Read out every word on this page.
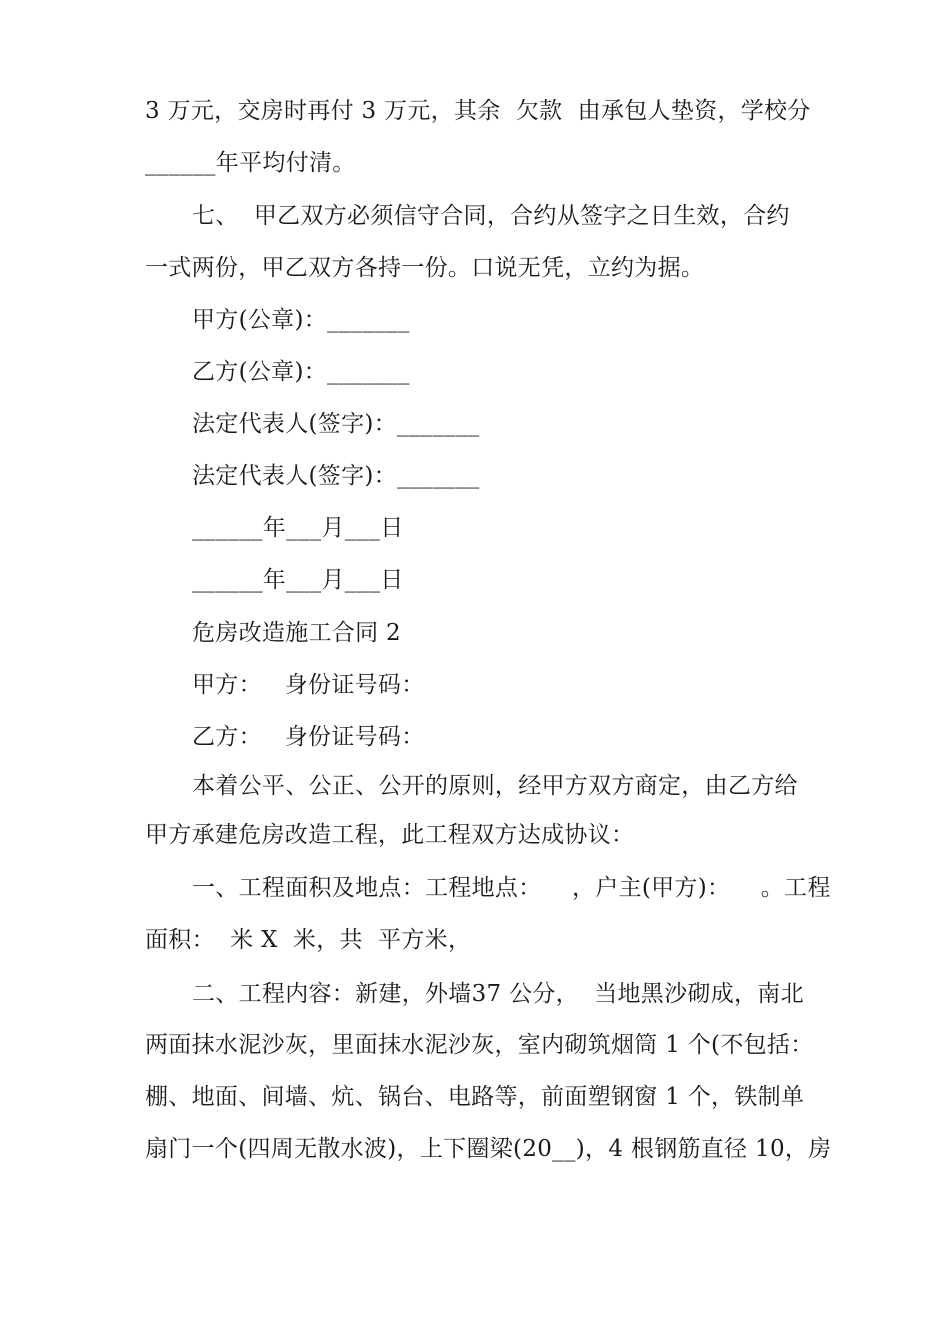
3 万元，交房时再付 3 万元，其余  欠款  由承包人垫资，学校分
______年平均付清。
七、  甲乙双方必须信守合同，合约从签字之日生效，合约
一式两份，甲乙双方各持一份。口说无凭，立约为据。
甲方(公章)：_______
乙方(公章)：_______
法定代表人(签字)：_______
法定代表人(签字)：_______
______年___月___日
______年___月___日
危房改造施工合同 2
甲方：   身份证号码：
乙方：   身份证号码：
本着公平、公正、公开的原则，经甲方双方商定，由乙方给
甲方承建危房改造工程，此工程双方达成协议：
一、工程面积及地点：工程地点：    ，户主(甲方)：    。工程
面积：  米 X  米，共  平方米，
二、工程内容：新建，外墙37 公分，  当地黑沙砌成，南北
两面抹水泥沙灰，里面抹水泥沙灰，室内砌筑烟筒 1 个(不包括：
棚、地面、间墙、炕、锅台、电路等，前面塑钢窗 1 个，铁制单
扇门一个(四周无散水波)，上下圈梁(20__)，4 根钢筋直径 10，房
